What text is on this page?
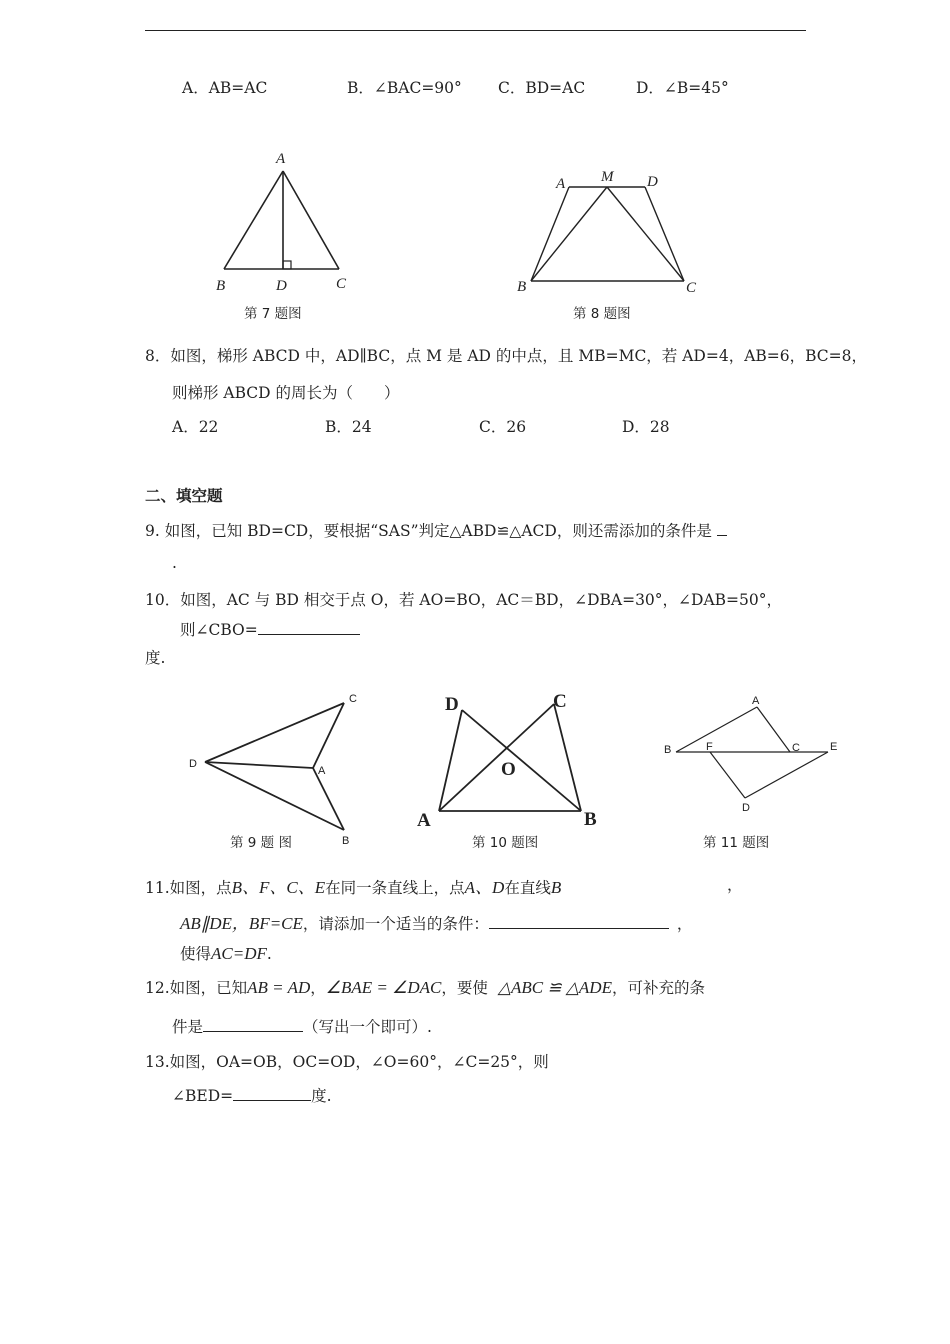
A．AB=AC	B．∠BAC=90° C．BD=AC	D．∠B=45°
A
B	D	C
第 7 题图
A M D
B	C
第 8 题图
8．如图，梯形 ABCD 中，AD∥BC，点 M 是 AD 的中点，且 MB=MC，若 AD=4，AB=6，BC=8，
则梯形 ABCD 的周长为（　　）
A．22	B．24	C．26	D．28
二、填空题
9. 如图，已知 BD=CD，要根据“SAS”判定△ABD≌△ACD，则还需添加的条件是
.
10．如图，AC 与 BD 相交于点 O，若 AO=BO，AC＝BD，∠DBA=30°，∠DAB=50°，
则∠CBO=
度.
C
D
A
B
第 9 题 图
D	C
O
A	B
第 10 题图
A
B	F	C	E
D
第 11 题图
11.如图，点B、F、C、E在同一条直线上，点A、D在直线B	，
AB∥DE，BF=CE，请添加一个适当的条件：	，
使得AC=DF.
12.如图，已知AB = AD，∠BAE = ∠DAC，要使 △ABC ≌ △ADE，可补充的条
件是	（写出一个即可）.
13.如图，OA=OB，OC=OD，∠O=60°，∠C=25°，则
∠BED=	度.
